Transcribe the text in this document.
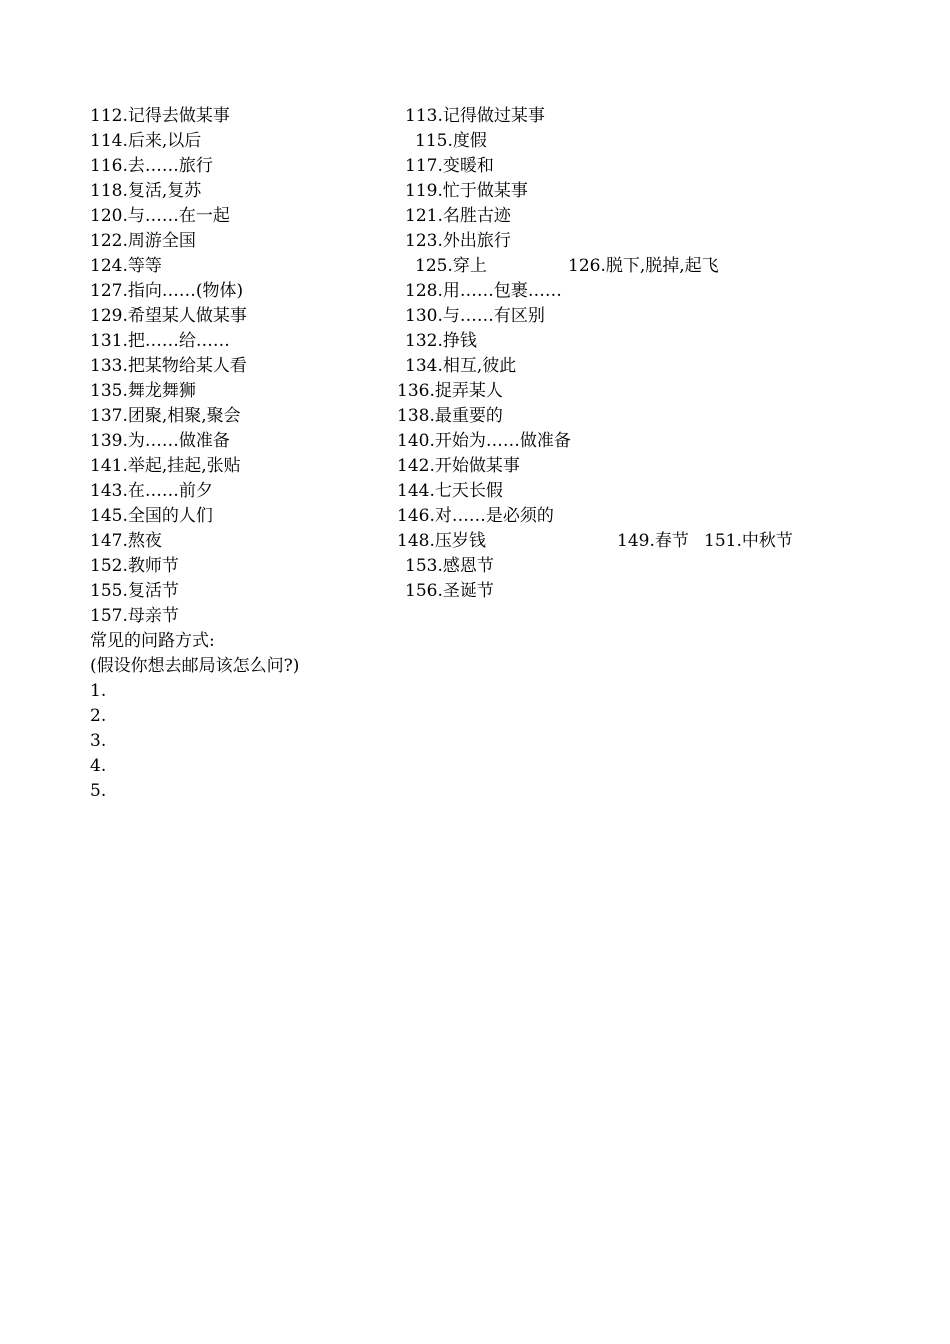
112.记得去做某事
114.后来,以后
116.去……旅行
118.复活,复苏
120.与……在一起
122.周游全国
124.等等
127.指向……(物体)
129.希望某人做某事
131.把……给……
133.把某物给某人看
135.舞龙舞狮
137.团聚,相聚,聚会
139.为……做准备
141.举起,挂起,张贴
143.在……前夕
145.全国的人们
147.熬夜
152.教师节
155.复活节
157.母亲节
113.记得做过某事
115.度假
117.变暖和
119.忙于做某事
121.名胜古迹
123.外出旅行
125.穿上	126.脱下,脱掉,起飞
128.用……包裹……
130.与……有区别
132.挣钱
134.相互,彼此
136.捉弄某人
138.最重要的
140.开始为……做准备
142.开始做某事
144.七天长假
146.对……是必须的
148.压岁钱	149.春节 151.中秋节
153.感恩节
156.圣诞节
常见的问路方式:
(假设你想去邮局该怎么问?)
1.
2.
3.
4.
5.
